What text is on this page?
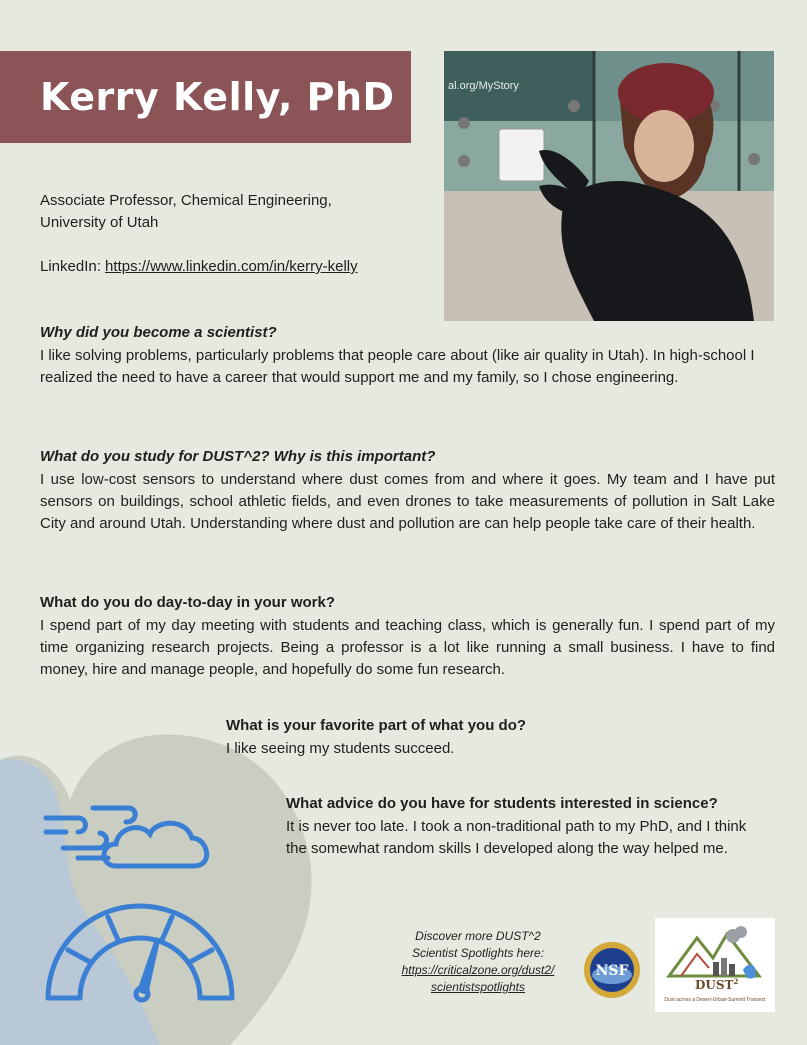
Kerry Kelly, PhD	al.org/MyStory
Associate Professor, Chemical Engineering,
University of Utah
LinkedIn: https://www.linkedin.com/in/kerry-kelly

Why did you become a scientist?

I like solving problems, particularly problems that people care about (like air quality in Utah). In high-school I realized the need to have a career that would support me and my family, so I chose engineering.

What do you study for DUST^2? Why is this important?

I use low-cost sensors to understand where dust comes from and where it goes. My team and I have put sensors on buildings, school athletic fields, and even drones to take measurements of pollution in Salt Lake City and around Utah. Understanding where dust and pollution are can help people take care of their health.

What do you do day-to-day in your work?

I spend part of my day meeting with students and teaching class, which is generally fun. I spend part of my time organizing research projects. Being a professor is a lot like running a small business. I have to find money, hire and manage people, and hopefully do some fun research.

What is your favorite part of what you do?

I like seeing my students succeed.

What advice do you have for students interested in science?

It is never too late. I took a non-traditional path to my PhD, and I think the somewhat random skills I developed along the way helped me.

Discover more DUST^2
Scientist Spotlights here:
https://criticalzone.org/dust2/
scientistspotlights
NSF
DUST$^2$
Dust across a Desert-Urban-Summit Transect
